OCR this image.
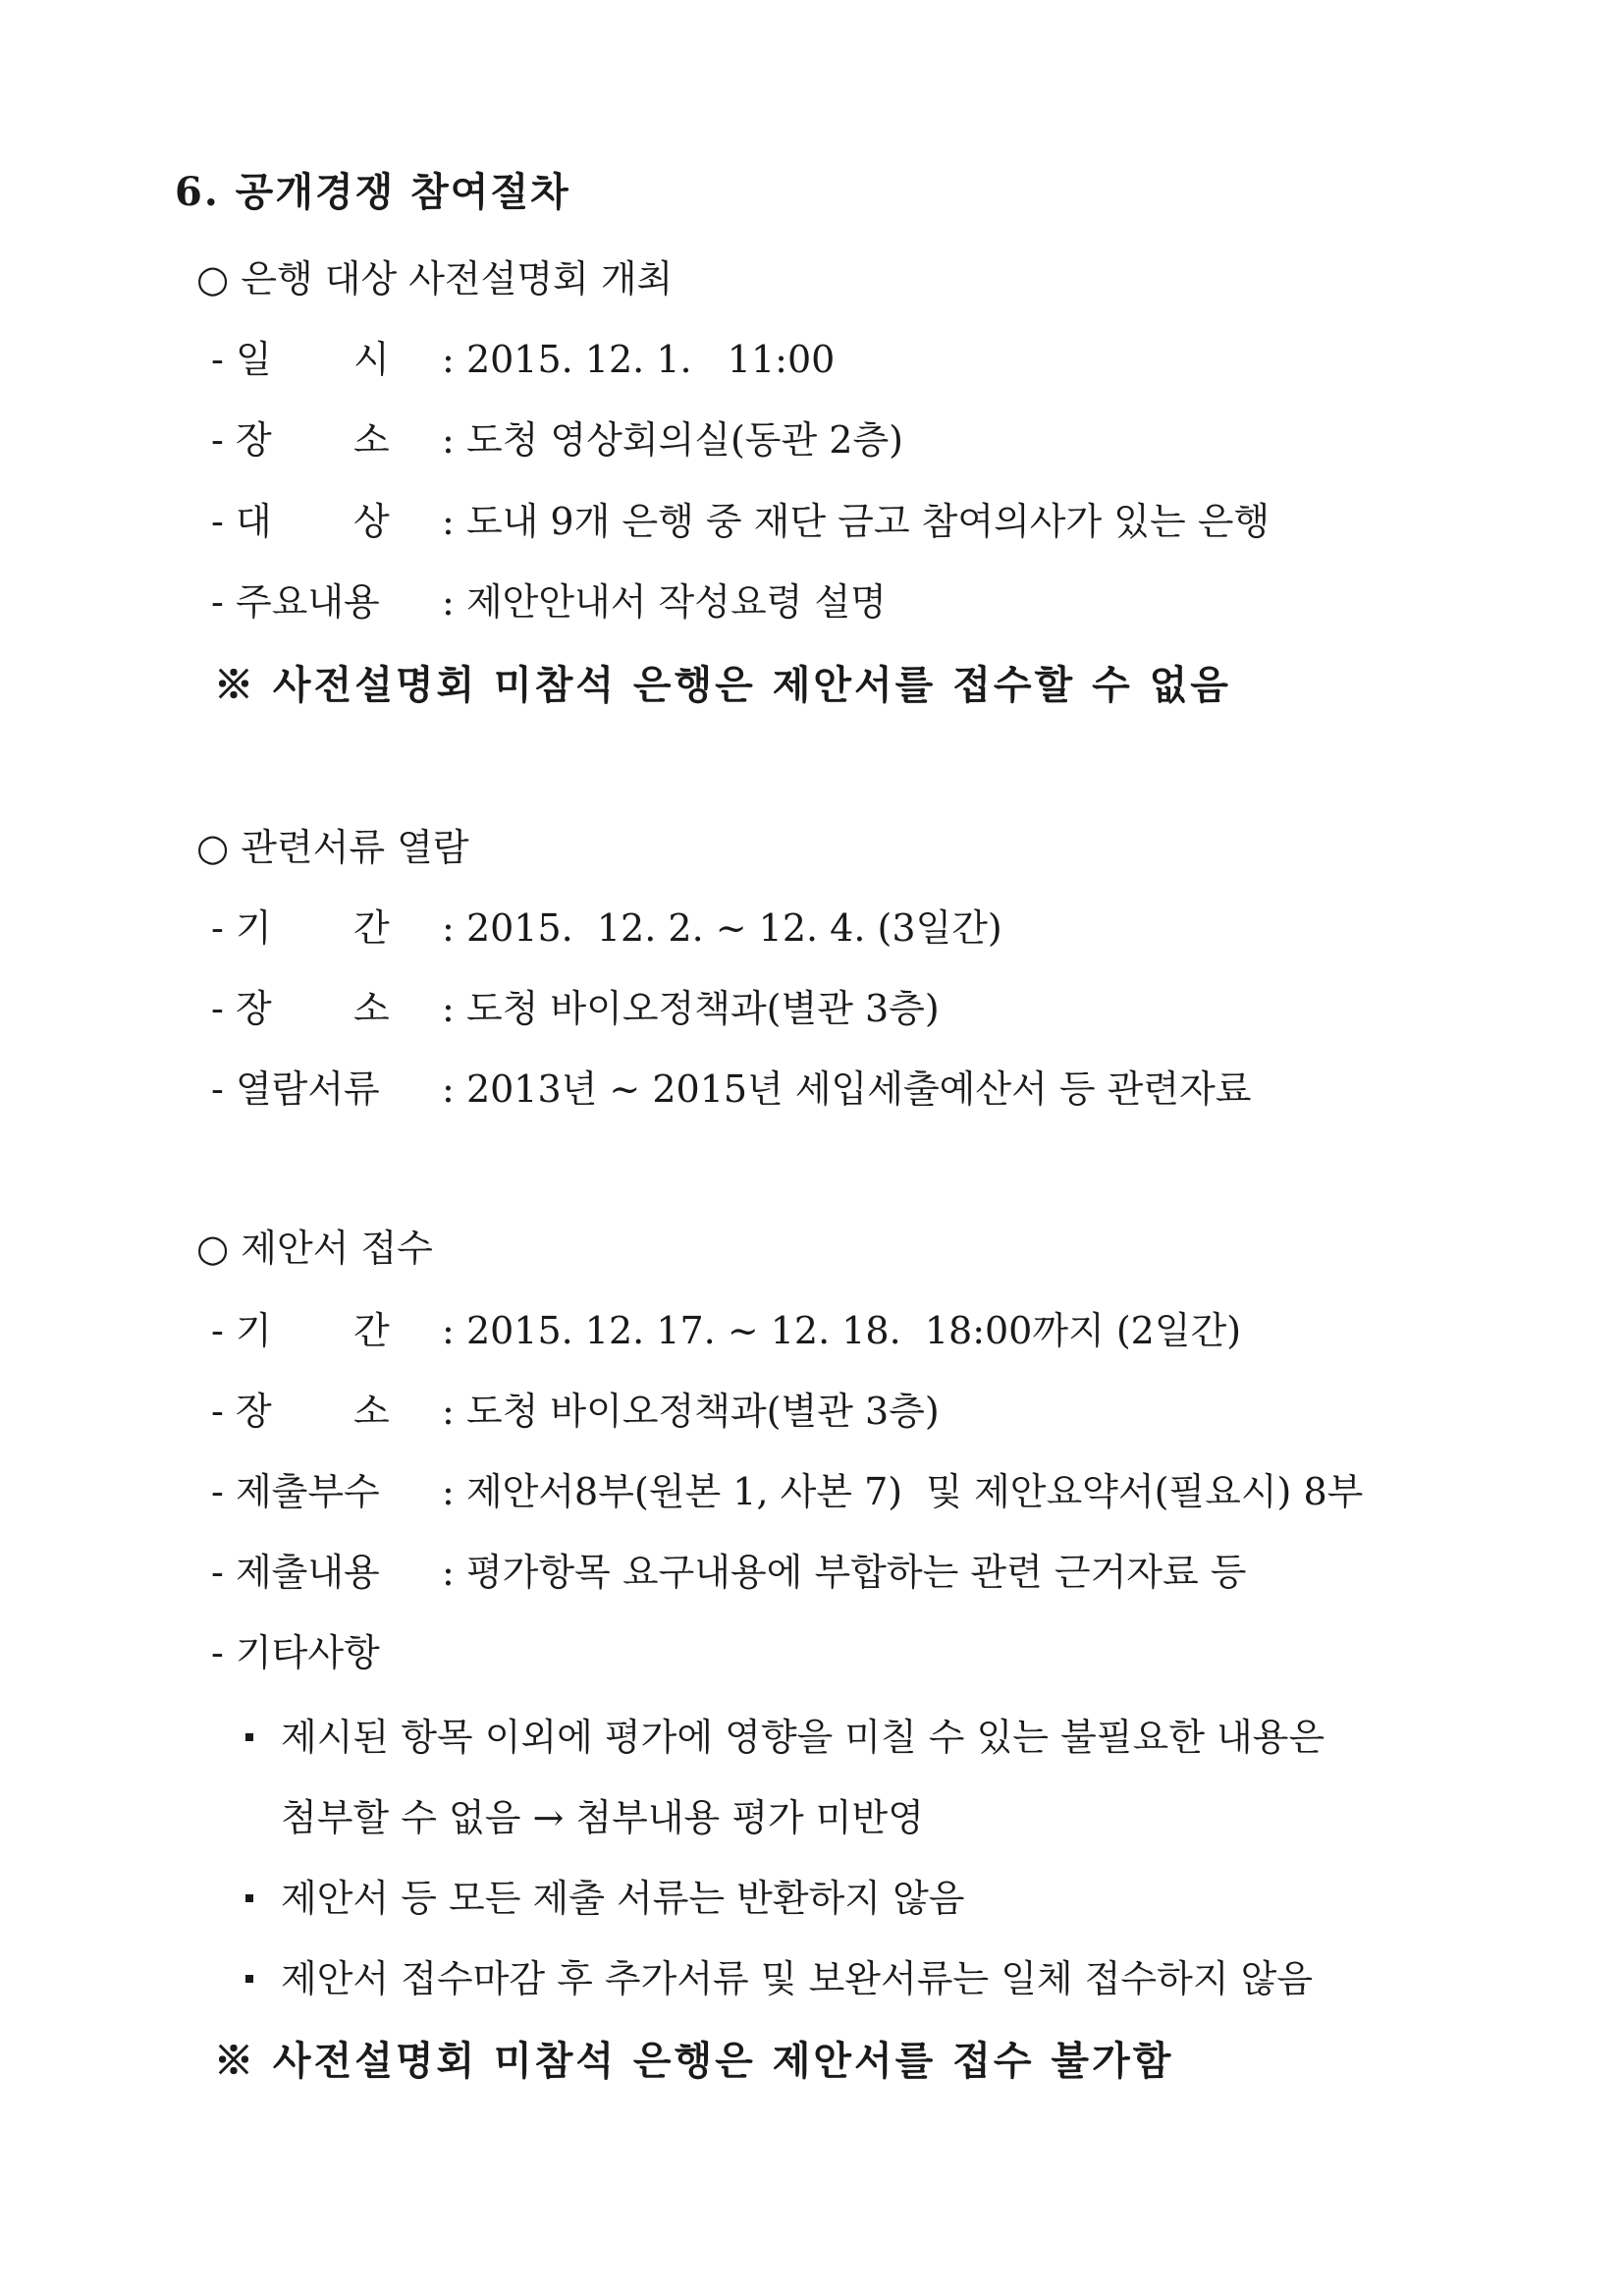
6. 공개경쟁 참여절차
○ 은행 대상 사전설명회 개최
- 일 시 : 2015. 12. 1.   11:00
- 장 소 : 도청 영상회의실(동관 2층)
- 대 상 : 도내 9개 은행 중 재단 금고 참여의사가 있는 은행
- 주요내용 : 제안안내서 작성요령 설명
※ 사전설명회 미참석 은행은 제안서를 접수할 수 없음
○ 관련서류 열람
- 기 간 : 2015.  12. 2. ~ 12. 4. (3일간)
- 장 소 : 도청 바이오정책과(별관 3층)
- 열람서류 : 2013년 ~ 2015년 세입세출예산서 등 관련자료
○ 제안서 접수
- 기 간 : 2015. 12. 17. ~ 12. 18.  18:00까지 (2일간)
- 장 소 : 도청 바이오정책과(별관 3층)
- 제출부수 : 제안서8부(원본 1, 사본 7)  및 제안요약서(필요시) 8부
- 제출내용 : 평가항목 요구내용에 부합하는 관련 근거자료 등
- 기타사항
제시된 항목 이외에 평가에 영향을 미칠 수 있는 불필요한 내용은
첨부할 수 없음 → 첨부내용 평가 미반영
제안서 등 모든 제출 서류는 반환하지 않음
제안서 접수마감 후 추가서류 및 보완서류는 일체 접수하지 않음
※ 사전설명회 미참석 은행은 제안서를 접수 불가함
